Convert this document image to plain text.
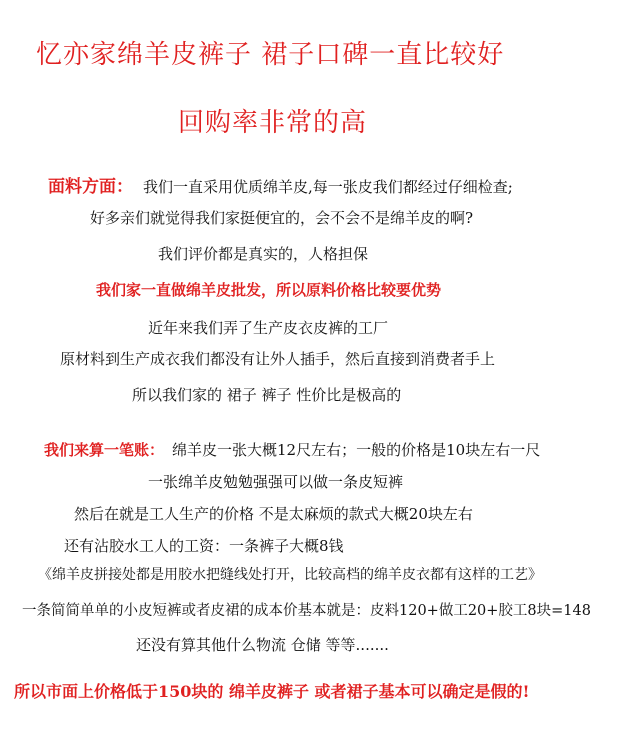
忆亦家绵羊皮裤子 裙子口碑一直比较好
回购率非常的高
面料方面： 我们一直采用优质绵羊皮,每一张皮我们都经过仔细检查;
好多亲们就觉得我们家挺便宜的，会不会不是绵羊皮的啊?
我们评价都是真实的，人格担保
我们家一直做绵羊皮批发，所以原料价格比较要优势
近年来我们弄了生产皮衣皮裤的工厂
原材料到生产成衣我们都没有让外人插手，然后直接到消费者手上
所以我们家的 裙子 裤子 性价比是极高的
我们来算一笔账： 绵羊皮一张大概12尺左右；一般的价格是10块左右一尺
一张绵羊皮勉勉强强可以做一条皮短裤
然后在就是工人生产的价格 不是太麻烦的款式大概20块左右
还有沾胶水工人的工资：一条裤子大概8钱
《绵羊皮拼接处都是用胶水把缝线处打开，比较高档的绵羊皮衣都有这样的工艺》
一条简简单单的小皮短裤或者皮裙的成本价基本就是：皮料120+做工20+胶工8块=148
还没有算其他什么物流 仓储 等等.......
所以市面上价格低于150块的 绵羊皮裤子 或者裙子基本可以确定是假的!
